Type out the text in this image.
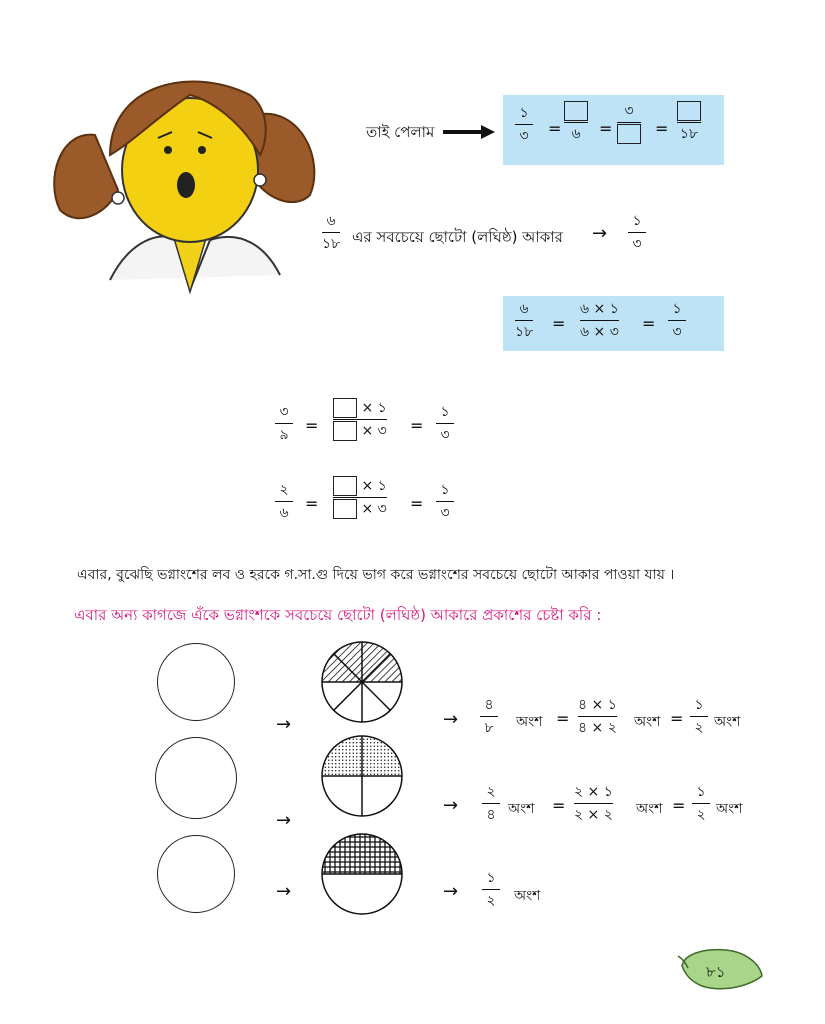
তাই পেলাম
১
৩ = ৬ =
৩
= ১৮
৬
১৮ এর সবচেয়ে ছোটো (লঘিষ্ঠ) আকার →
১
৩
৬
১৮ =
৬ × ১
৬ × ৩ =
১
৩
৩
৯ =

× ১

× ৩ =
১
৩
২
৬ =

× ১

× ৩ =
১
৩
এবার, বুঝেছি ভগ্নাংশের লব ও হরকে গ.সা.গু দিয়ে ভাগ করে ভগ্নাংশের সবচেয়ে ছোটো আকার পাওয়া যায় ।
এবার অন্য কাগজে এঁকে ভগ্নাংশকে সবচেয়ে ছোটো (লঘিষ্ঠ) আকারে প্রকাশের চেষ্টা করি :
→	→
৪
৮ অংশ =
৪ × ১
৪ × ২ অংশ =
১
২ অংশ
→
→
২
৪ অংশ =
২ × ১
২ × ২ অংশ =
১
২ অংশ
→	→
১
২ অংশ
৮১
